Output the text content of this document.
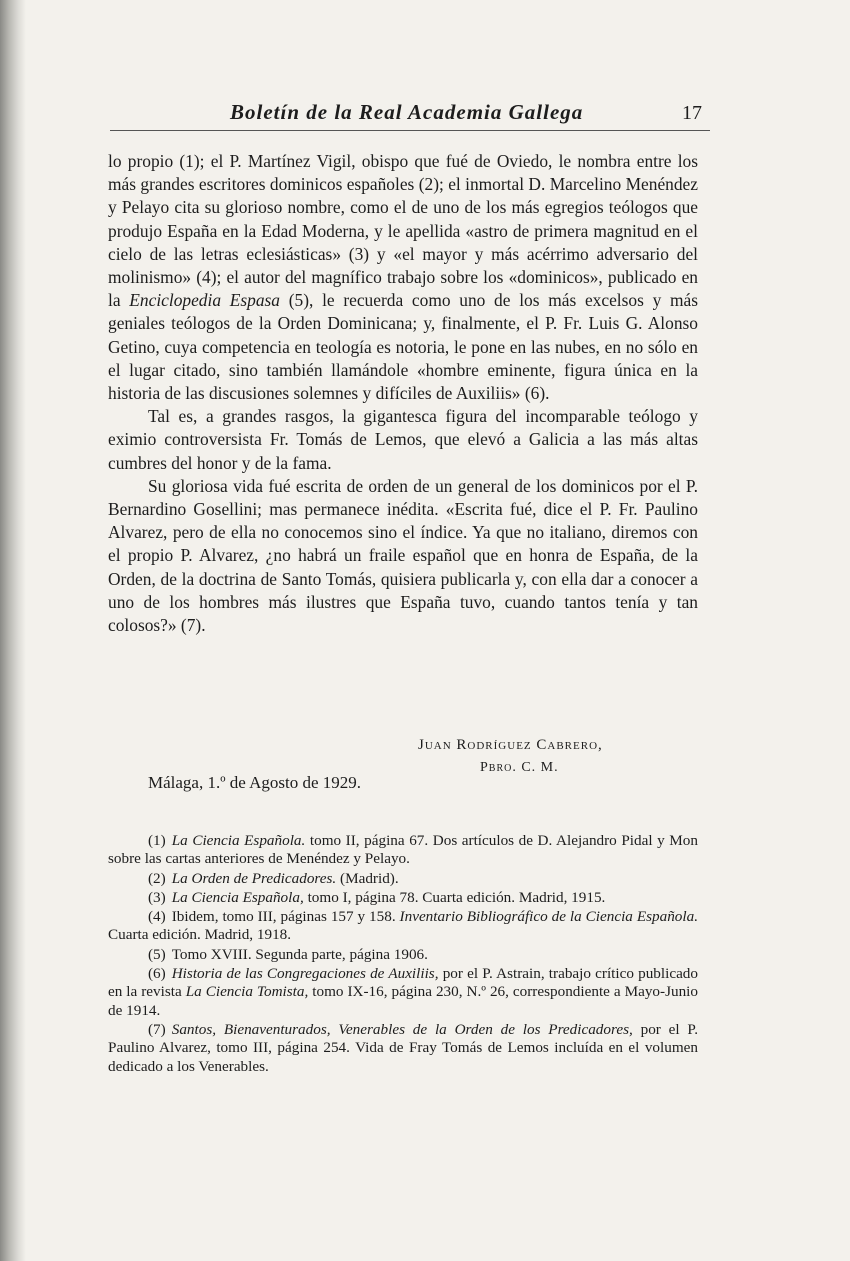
Boletín de la Real Academia Gallega	17

lo propio (1); el P. Martínez Vigil, obispo que fué de Oviedo, le nombra entre los más grandes escritores dominicos españoles (2); el inmortal D. Marcelino Menéndez y Pelayo cita su glorioso nombre, como el de uno de los más egregios teólogos que produjo España en la Edad Moderna, y le apellida «astro de primera magnitud en el cielo de las letras eclesiásticas» (3) y «el mayor y más acérrimo adversario del molinismo» (4); el autor del magnífico trabajo sobre los «dominicos», publicado en la Enciclopedia Espasa (5), le recuerda como uno de los más excelsos y más geniales teólogos de la Orden Dominicana; y, finalmente, el P. Fr. Luis G. Alonso Getino, cuya competencia en teología es notoria, le pone en las nubes, en no sólo en el lugar citado, sino también llamándole «hombre eminente, figura única en la historia de las discusiones solemnes y difíciles de Auxiliis» (6).

Tal es, a grandes rasgos, la gigantesca figura del incomparable teólogo y eximio controversista Fr. Tomás de Lemos, que elevó a Galicia a las más altas cumbres del honor y de la fama.

Su gloriosa vida fué escrita de orden de un general de los dominicos por el P. Bernardino Gosellini; mas permanece inédita. «Escrita fué, dice el P. Fr. Paulino Alvarez, pero de ella no conocemos sino el índice. Ya que no italiano, diremos con el propio P. Alvarez, ¿no habrá un fraile español que en honra de España, de la Orden, de la doctrina de Santo Tomás, quisiera publicarla y, con ella dar a conocer a uno de los hombres más ilustres que España tuvo, cuando tantos tenía y tan colosos?» (7).

Juan Rodríguez Cabrero,
Pbro. C. M.
Málaga, 1.º de Agosto de 1929.

(1) La Ciencia Española. tomo II, página 67. Dos artículos de D. Alejandro Pidal y Mon sobre las cartas anteriores de Menéndez y Pelayo.

(2) La Orden de Predicadores. (Madrid).

(3) La Ciencia Española, tomo I, página 78. Cuarta edición. Madrid, 1915.

(4) Ibidem, tomo III, páginas 157 y 158. Inventario Bibliográfico de la Ciencia Española. Cuarta edición. Madrid, 1918.

(5) Tomo XVIII. Segunda parte, página 1906.

(6) Historia de las Congregaciones de Auxiliis, por el P. Astrain, trabajo crítico publicado en la revista La Ciencia Tomista, tomo IX-16, página 230, N.º 26, correspondiente a Mayo-Junio de 1914.

(7) Santos, Bienaventurados, Venerables de la Orden de los Predicadores, por el P. Paulino Alvarez, tomo III, página 254. Vida de Fray Tomás de Lemos incluída en el volumen dedicado a los Venerables.
